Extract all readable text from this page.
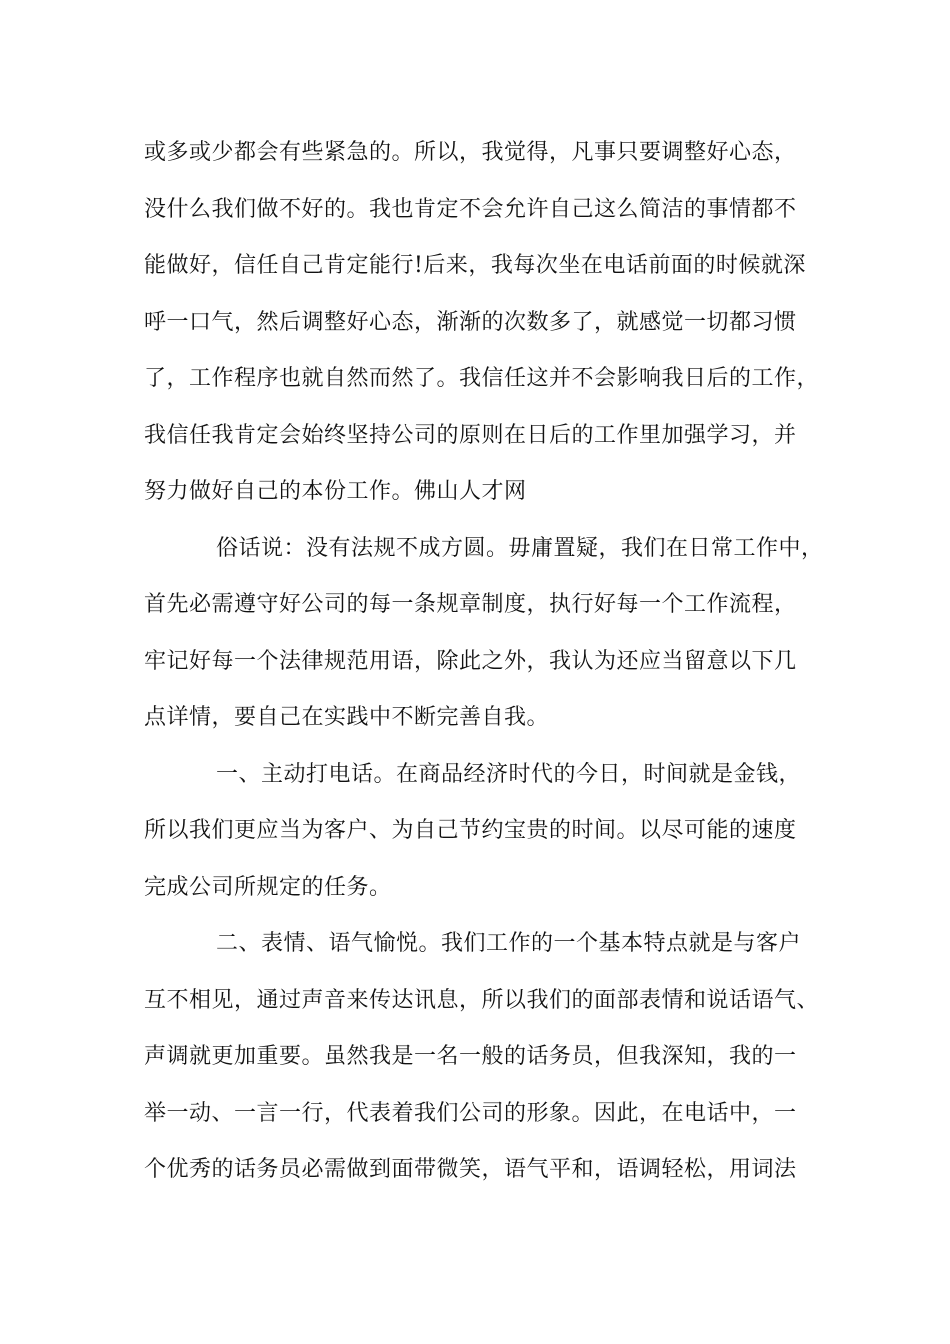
或多或少都会有些紧急的。所以，我觉得，凡事只要调整好心态，
没什么我们做不好的。我也肯定不会允许自己这么简洁的事情都不
能做好，信任自己肯定能行!后来，我每次坐在电话前面的时候就深
呼一口气，然后调整好心态，渐渐的次数多了，就感觉一切都习惯
了，工作程序也就自然而然了。我信任这并不会影响我日后的工作，
我信任我肯定会始终坚持公司的原则在日后的工作里加强学习，并
努力做好自己的本份工作。佛山人才网
俗话说：没有法规不成方圆。毋庸置疑，我们在日常工作中，
首先必需遵守好公司的每一条规章制度，执行好每一个工作流程，
牢记好每一个法律规范用语，除此之外，我认为还应当留意以下几
点详情，要自己在实践中不断完善自我。
一、主动打电话。在商品经济时代的今日，时间就是金钱，
所以我们更应当为客户、为自己节约宝贵的时间。以尽可能的速度
完成公司所规定的任务。
二、表情、语气愉悦。我们工作的一个基本特点就是与客户
互不相见，通过声音来传达讯息，所以我们的面部表情和说话语气、
声调就更加重要。虽然我是一名一般的话务员，但我深知，我的一
举一动、一言一行，代表着我们公司的形象。因此，在电话中，一
个优秀的话务员必需做到面带微笑，语气平和，语调轻松，用词法
